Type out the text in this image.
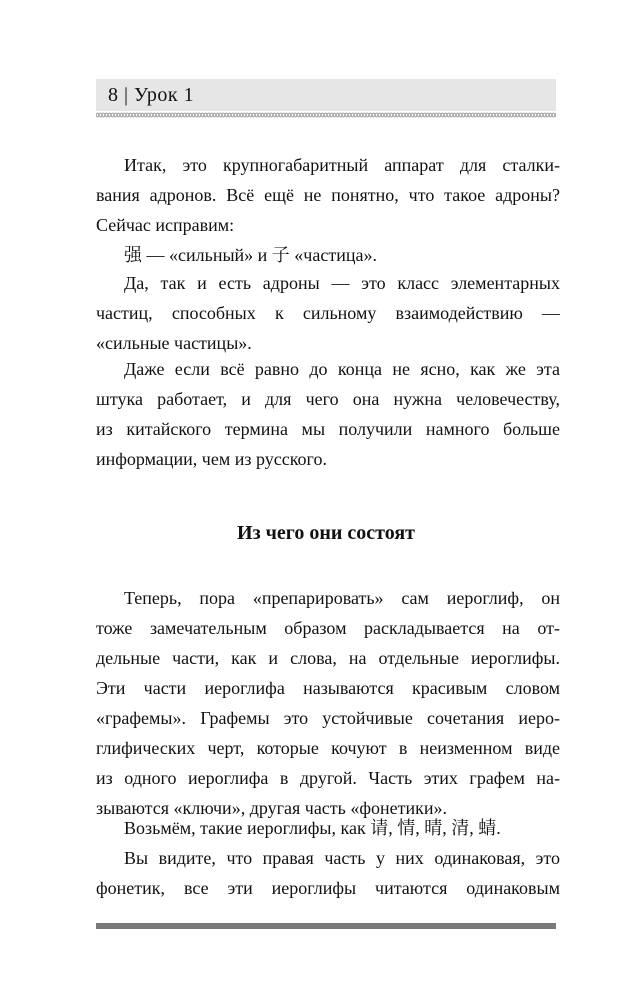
8 | Урок 1
Итак, это крупногабаритный аппарат для сталки-
вания адронов. Всё ещё не понятно, что такое адроны?
Сейчас исправим:
强 — «сильный» и 子 «частица».
Да, так и есть адроны — это класс элементарных
частиц, способных к сильному взаимодействию —
«сильные частицы».
Даже если всё равно до конца не ясно, как же эта
штука работает, и для чего она нужна человечеству,
из китайского термина мы получили намного больше
информации, чем из русского.
Из чего они состоят
Теперь, пора «препарировать» сам иероглиф, он
тоже замечательным образом раскладывается на от-
дельные части, как и слова, на отдельные иероглифы.
Эти части иероглифа называются красивым словом
«графемы». Графемы это устойчивые сочетания иеро-
глифических черт, которые кочуют в неизменном виде
из одного иероглифа в другой. Часть этих графем на-
зываются «ключи», другая часть «фонетики».
Возьмём, такие иероглифы, как 请, 情, 晴, 清, 蜻.
Вы видите, что правая часть у них одинаковая, это
фонетик, все эти иероглифы читаются одинаковым
